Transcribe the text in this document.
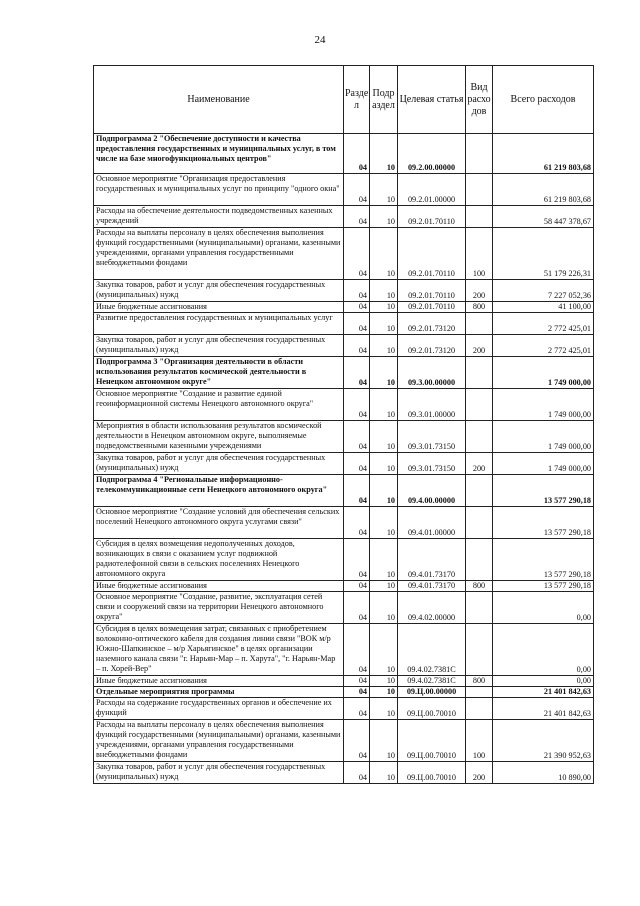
24
Наименование	Разде л	Подр аздел	Целевая статья	Вид расхо дов	Всего расходов
Подпрограмма 2 "Обеспечение доступности и качества предоставления государственных и муниципальных услуг, в том числе на базе многофункциональных центров"	04	10	09.2.00.00000		61 219 803,68
Основное мероприятие "Организация предоставления государственных и муниципальных услуг по принципу "одного окна"	04	10	09.2.01.00000		61 219 803,68
Расходы на обеспечение деятельности подведомственных казенных учреждений	04	10	09.2.01.70110		58 447 378,67
Расходы на выплаты персоналу в целях обеспечения выполнения функций государственными (муниципальными) органами, казенными учреждениями, органами управления государственными внебюджетными фондами	04	10	09.2.01.70110	100	51 179 226,31
Закупка товаров, работ и услуг для обеспечения государственных (муниципальных) нужд	04	10	09.2.01.70110	200	7 227 052,36
Иные бюджетные ассигнования	04	10	09.2.01.70110	800	41 100,00
Развитие предоставления государственных и муниципальных услуг	04	10	09.2.01.73120		2 772 425,01
Закупка товаров, работ и услуг для обеспечения государственных (муниципальных) нужд	04	10	09.2.01.73120	200	2 772 425,01
Подпрограмма 3 "Организация деятельности в области использования результатов космической деятельности в Ненецком автономном округе"	04	10	09.3.00.00000		1 749 000,00
Основное мероприятие "Создание и развитие единой геоинформационной системы Ненецкого автономного округа"	04	10	09.3.01.00000		1 749 000,00
Мероприятия в области использования результатов космической деятельности в Ненецком автономном округе, выполняемые подведомственными казенными учреждениями	04	10	09.3.01.73150		1 749 000,00
Закупка товаров, работ и услуг для обеспечения государственных (муниципальных) нужд	04	10	09.3.01.73150	200	1 749 000,00
Подпрограмма 4 "Региональные информационно-телекоммуникационные сети Ненецкого автономного округа"	04	10	09.4.00.00000		13 577 290,18
Основное мероприятие "Создание условий для обеспечения сельских поселений Ненецкого автономного округа услугами связи"	04	10	09.4.01.00000		13 577 290,18
Субсидия в целях возмещения недополученных доходов, возникающих в связи с оказанием услуг подвижной радиотелефонной связи в сельских поселениях Ненецкого автономного округа	04	10	09.4.01.73170		13 577 290,18
Иные бюджетные ассигнования	04	10	09.4.01.73170	800	13 577 290,18
Основное мероприятие "Создание, развитие, эксплуатация сетей связи и сооружений связи на территории Ненецкого автономного округа"	04	10	09.4.02.00000		0,00
Субсидия в целях возмещения затрат, связанных с приобретением волоконно-оптического кабеля для создания линии связи "ВОК м/р Южно-Шапкинское – м/р Харьягинское" в целях организации наземного канала связи "г. Нарьян-Мар – п. Харута", "г. Нарьян-Мар – п. Хорей-Вер"	04	10	09.4.02.7381С		0,00
Иные бюджетные ассигнования	04	10	09.4.02.7381С	800	0,00
Отдельные мероприятия программы	04	10	09.Ц.00.00000		21 401 842,63
Расходы на содержание государственных органов и обеспечение их функций	04	10	09.Ц.00.70010		21 401 842,63
Расходы на выплаты персоналу в целях обеспечения выполнения функций государственными (муниципальными) органами, казенными учреждениями, органами управления государственными внебюджетными фондами	04	10	09.Ц.00.70010	100	21 390 952,63
Закупка товаров, работ и услуг для обеспечения государственных (муниципальных) нужд	04	10	09.Ц.00.70010	200	10 890,00
